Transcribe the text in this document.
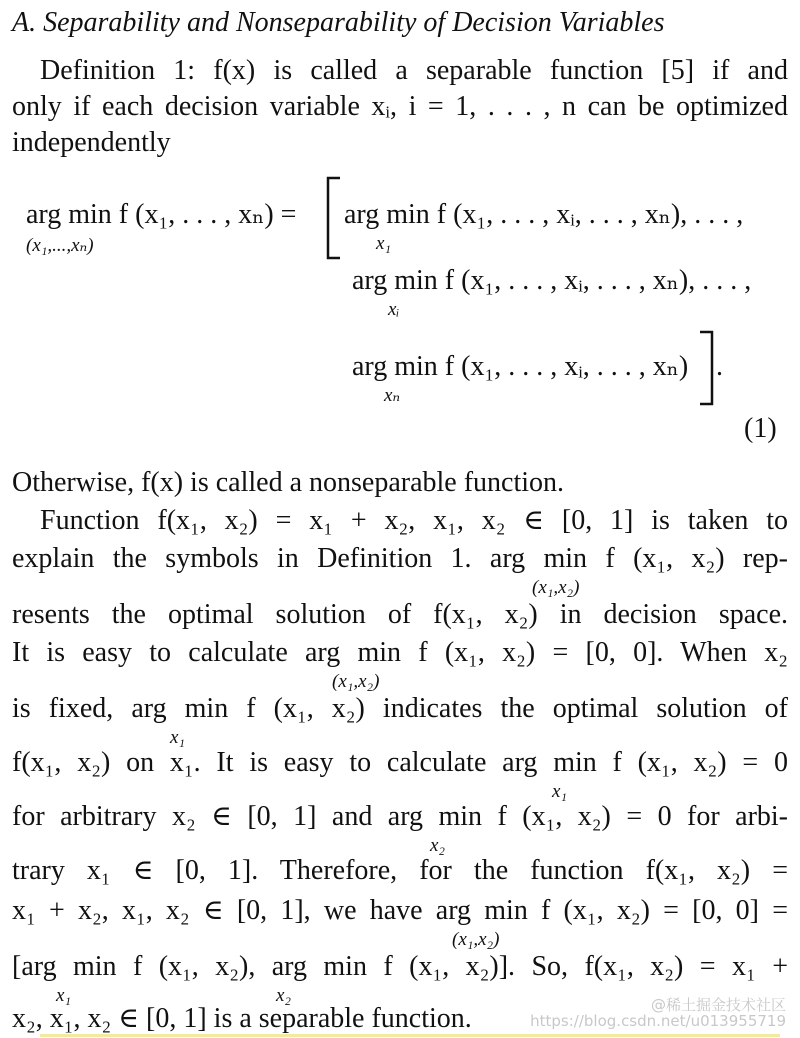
A. Separability and Nonseparability of Decision Variables
Definition 1: f(x) is called a separable function [5] if and
only if each decision variable xᵢ, i = 1, . . . , n can be optimized
independently
arg min f (x₁, . . . , xₙ) =
(x₁,...,xₙ)
arg min f (x₁, . . . , xᵢ, . . . , xₙ), . . . ,
x₁
arg min f (x₁, . . . , xᵢ, . . . , xₙ), . . . ,
xᵢ
arg min f (x₁, . . . , xᵢ, . . . , xₙ)
xₙ
.
(1)
Otherwise, f(x) is called a nonseparable function.
Function f(x₁, x₂) = x₁ + x₂, x₁, x₂ ∈ [0, 1] is taken to
explain the symbols in Definition 1. arg min f (x₁, x₂) rep-
(x₁,x₂)
resents the optimal solution of f(x₁, x₂) in decision space.
It is easy to calculate arg min f (x₁, x₂) = [0, 0]. When x₂
(x₁,x₂)
is fixed, arg min f (x₁, x₂) indicates the optimal solution of
x₁
f(x₁, x₂) on x₁. It is easy to calculate arg min f (x₁, x₂) = 0
x₁
for arbitrary x₂ ∈ [0, 1] and arg min f (x₁, x₂) = 0 for arbi-
x₂
trary x₁ ∈ [0, 1]. Therefore, for the function f(x₁, x₂) =
x₁ + x₂, x₁, x₂ ∈ [0, 1], we have arg min f (x₁, x₂) = [0, 0] =
(x₁,x₂)
[arg min f (x₁, x₂), arg min f (x₁, x₂)]. So, f(x₁, x₂) = x₁ +
x₁	x₂
x₂, x₁, x₂ ∈ [0, 1] is a separable function.	@稀土掘金技术社区
https://blog.csdn.net/u013955719
